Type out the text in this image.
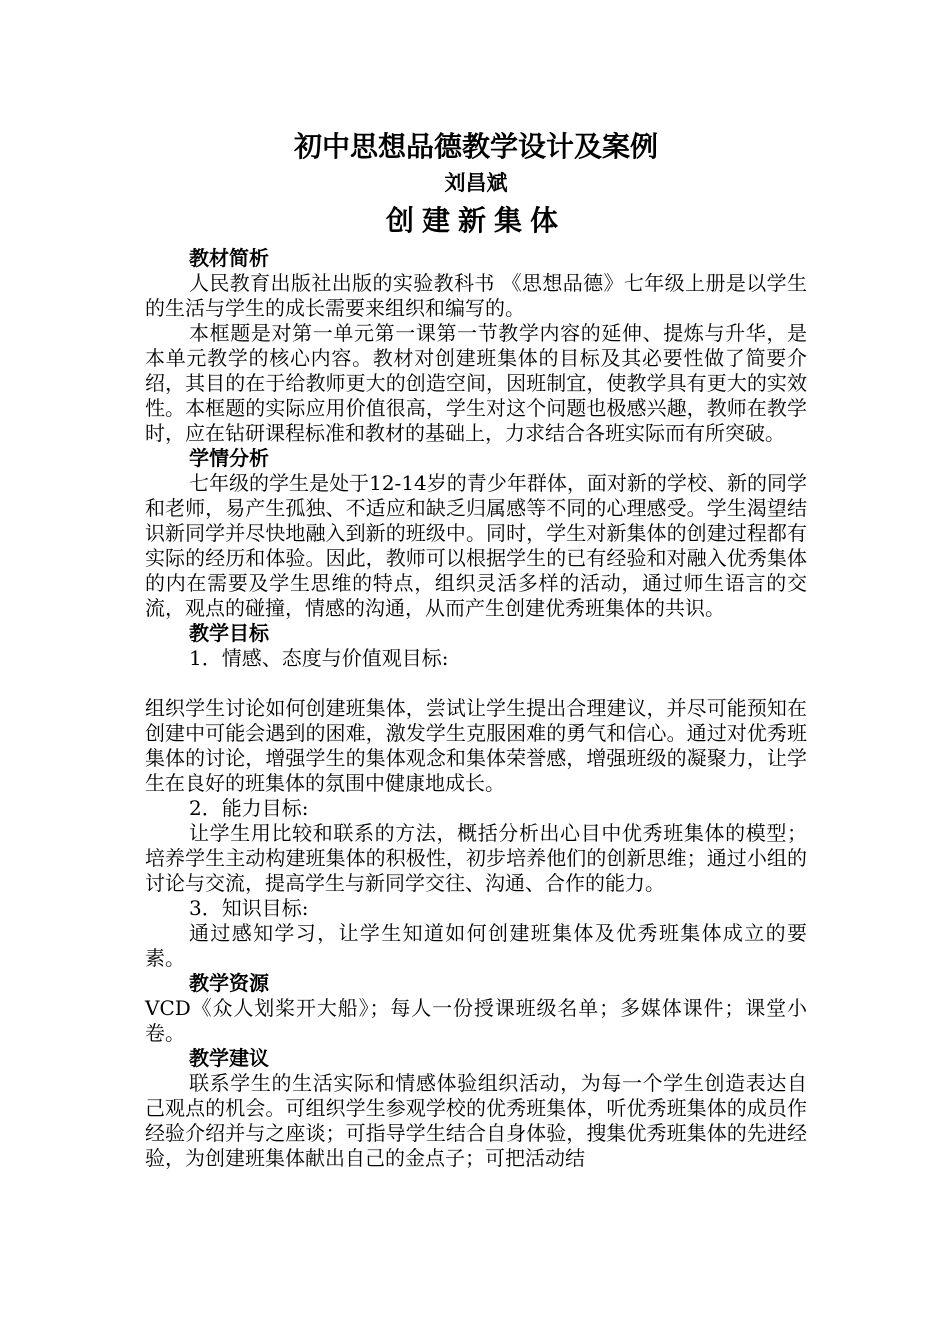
初中思想品德教学设计及案例
刘昌斌
创建新集体
教材简析

人民教育出版社出版的实验教科书 《思想品德》七年级上册是以学生的生活与学生的成长需要来组织和编写的。

本框题是对第一单元第一课第一节教学内容的延伸、提炼与升华，是本单元教学的核心内容。教材对创建班集体的目标及其必要性做了简要介绍，其目的在于给教师更大的创造空间，因班制宜，使教学具有更大的实效性。本框题的实际应用价值很高，学生对这个问题也极感兴趣，教师在教学时，应在钻研课程标准和教材的基础上，力求结合各班实际而有所突破。

学情分析

七年级的学生是处于12-14岁的青少年群体，面对新的学校、新的同学和老师，易产生孤独、不适应和缺乏归属感等不同的心理感受。学生渴望结识新同学并尽快地融入到新的班级中。同时，学生对新集体的创建过程都有实际的经历和体验。因此，教师可以根据学生的已有经验和对融入优秀集体的内在需要及学生思维的特点，组织灵活多样的活动，通过师生语言的交流，观点的碰撞，情感的沟通，从而产生创建优秀班集体的共识。

教学目标

1．情感、态度与价值观目标:

组织学生讨论如何创建班集体，尝试让学生提出合理建议，并尽可能预知在创建中可能会遇到的困难，激发学生克服困难的勇气和信心。通过对优秀班集体的讨论，增强学生的集体观念和集体荣誉感，增强班级的凝聚力，让学生在良好的班集体的氛围中健康地成长。

2．能力目标:

让学生用比较和联系的方法，概括分析出心目中优秀班集体的模型；培养学生主动构建班集体的积极性，初步培养他们的创新思维；通过小组的讨论与交流，提高学生与新同学交往、沟通、合作的能力。

3．知识目标:

通过感知学习，让学生知道如何创建班集体及优秀班集体成立的要素。

教学资源

VCD《众人划桨开大船》；每人一份授课班级名单；多媒体课件；课堂小卷。

教学建议

联系学生的生活实际和情感体验组织活动，为每一个学生创造表达自己观点的机会。可组织学生参观学校的优秀班集体，听优秀班集体的成员作经验介绍并与之座谈；可指导学生结合自身体验，搜集优秀班集体的先进经验，为创建班集体献出自己的金点子；可把活动结
